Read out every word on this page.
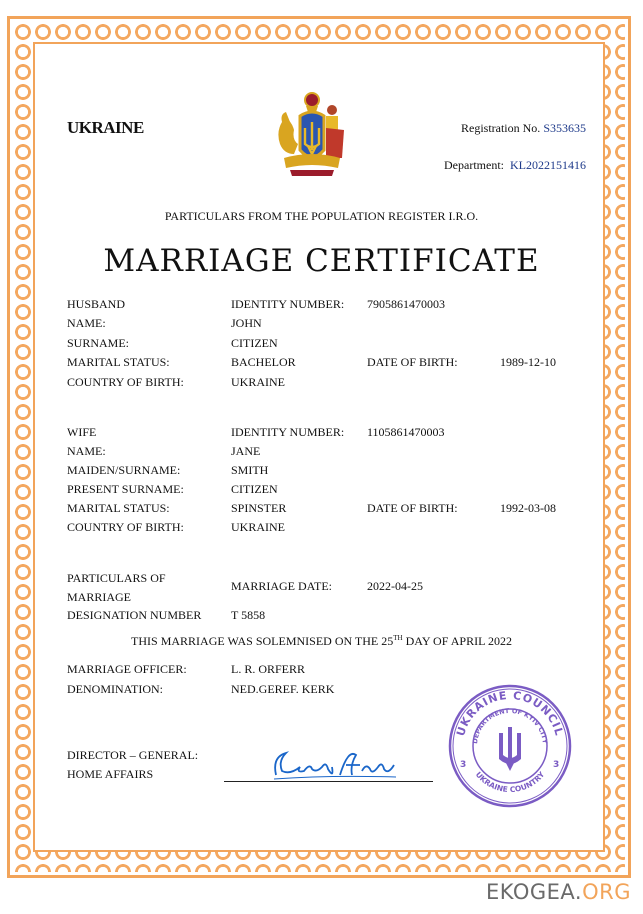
UKRAINE	Registration No. S353635
Department: KL2022151416
PARTICULARS FROM THE POPULATION REGISTER I.R.O.
MARRIAGE CERTIFICATE
HUSBAND	IDENTITY NUMBER: 7905861470003
NAME:	JOHN
SURNAME:	CITIZEN
MARITAL STATUS:	BACHELOR	DATE OF BIRTH:	1989-12-10
COUNTRY OF BIRTH:	UKRAINE
WIFE	IDENTITY NUMBER: 1105861470003
NAME:	JANE
MAIDEN/SURNAME:	SMITH
PRESENT SURNAME:	CITIZEN
MARITAL STATUS:	SPINSTER	DATE OF BIRTH:	1992-03-08
COUNTRY OF BIRTH:	UKRAINE
PARTICULARS OF
MARRIAGE
MARRIAGE DATE:	2022-04-25
DESIGNATION NUMBER T 5858
THIS MARRIAGE WAS SOLEMNISED ON THE 25TH DAY OF APRIL 2022
MARRIAGE OFFICER:	L. R. ORFERR
DENOMINATION:	NED.GEREF. KERK
DIRECTOR – GENERAL:
HOME AFFAIRS
UKRAINE COUNCIL
DEPARTMENT OF KYIV CITY
UKRAINE COUNTRY
3	3
EKOGEA.ORG
